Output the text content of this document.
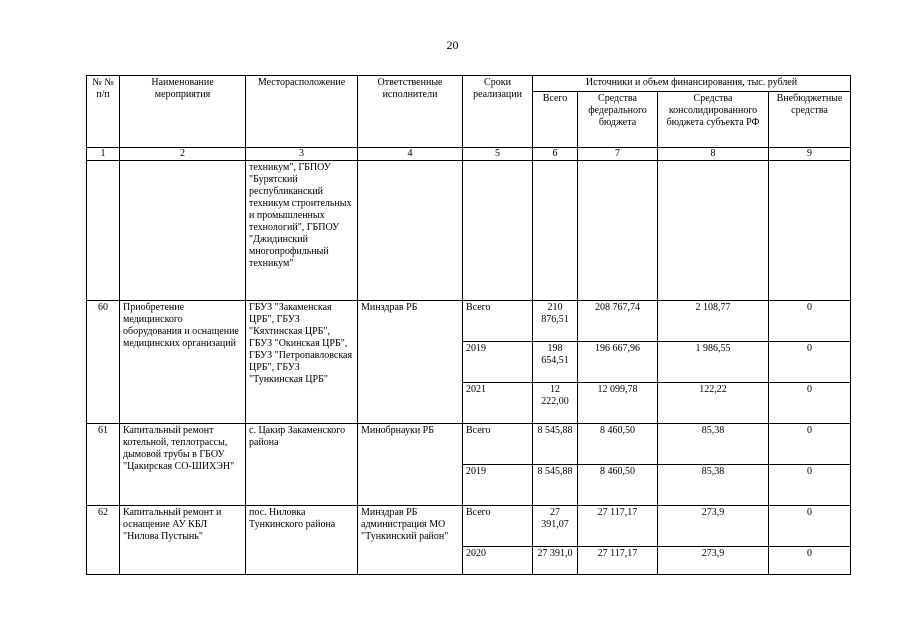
20
№ № п/п	Наименование мероприятия	Месторасположение	Ответственные исполнители	Сроки реализации	Источники и объем финансирования, тыс. рублей			
					Всего	Средства федерального бюджета	Средства консолидированного бюджета субъекта РФ	Внебюджетные средства
1	2	3	4	5	6	7	8	9
		техникум", ГБПОУ "Бурятский республиканский техникум строительных и промышленных технологий", ГБПОУ "Джидинский многопрофильный техникум"						
60	Приобретение медицинского оборудования и оснащение медицинских организаций	ГБУЗ "Закаменская ЦРБ", ГБУЗ "Кяхтинская ЦРБ", ГБУЗ "Окинская ЦРБ", ГБУЗ "Петропавловская ЦРБ", ГБУЗ "Тункинская ЦРБ"	Минздрав РБ	Всего	210 876,51	208 767,74	2 108,77	0
				2019	198 654,51	196 667,96	1 986,55	0
				2021	12 222,00	12 099,78	122,22	0
61	Капитальный ремонт котельной, теплотрассы, дымовой трубы в ГБОУ "Цакирская СО-ШИХЭН"	с. Цакир Закаменского района	Минобрнауки РБ	Всего	8 545,88	8 460,50	85,38	0
				2019	8 545,88	8 460,50	85,38	0
62	Капитальный ремонт и оснащение АУ КБЛ "Нилова Пустынь"	пос. Ниловка Тункинского района	Минздрав РБ администрация МО "Тункинский район"	Всего	27 391,07	27 117,17	273,9	0
				2020	27 391,0	27 117,17	273,9	0
